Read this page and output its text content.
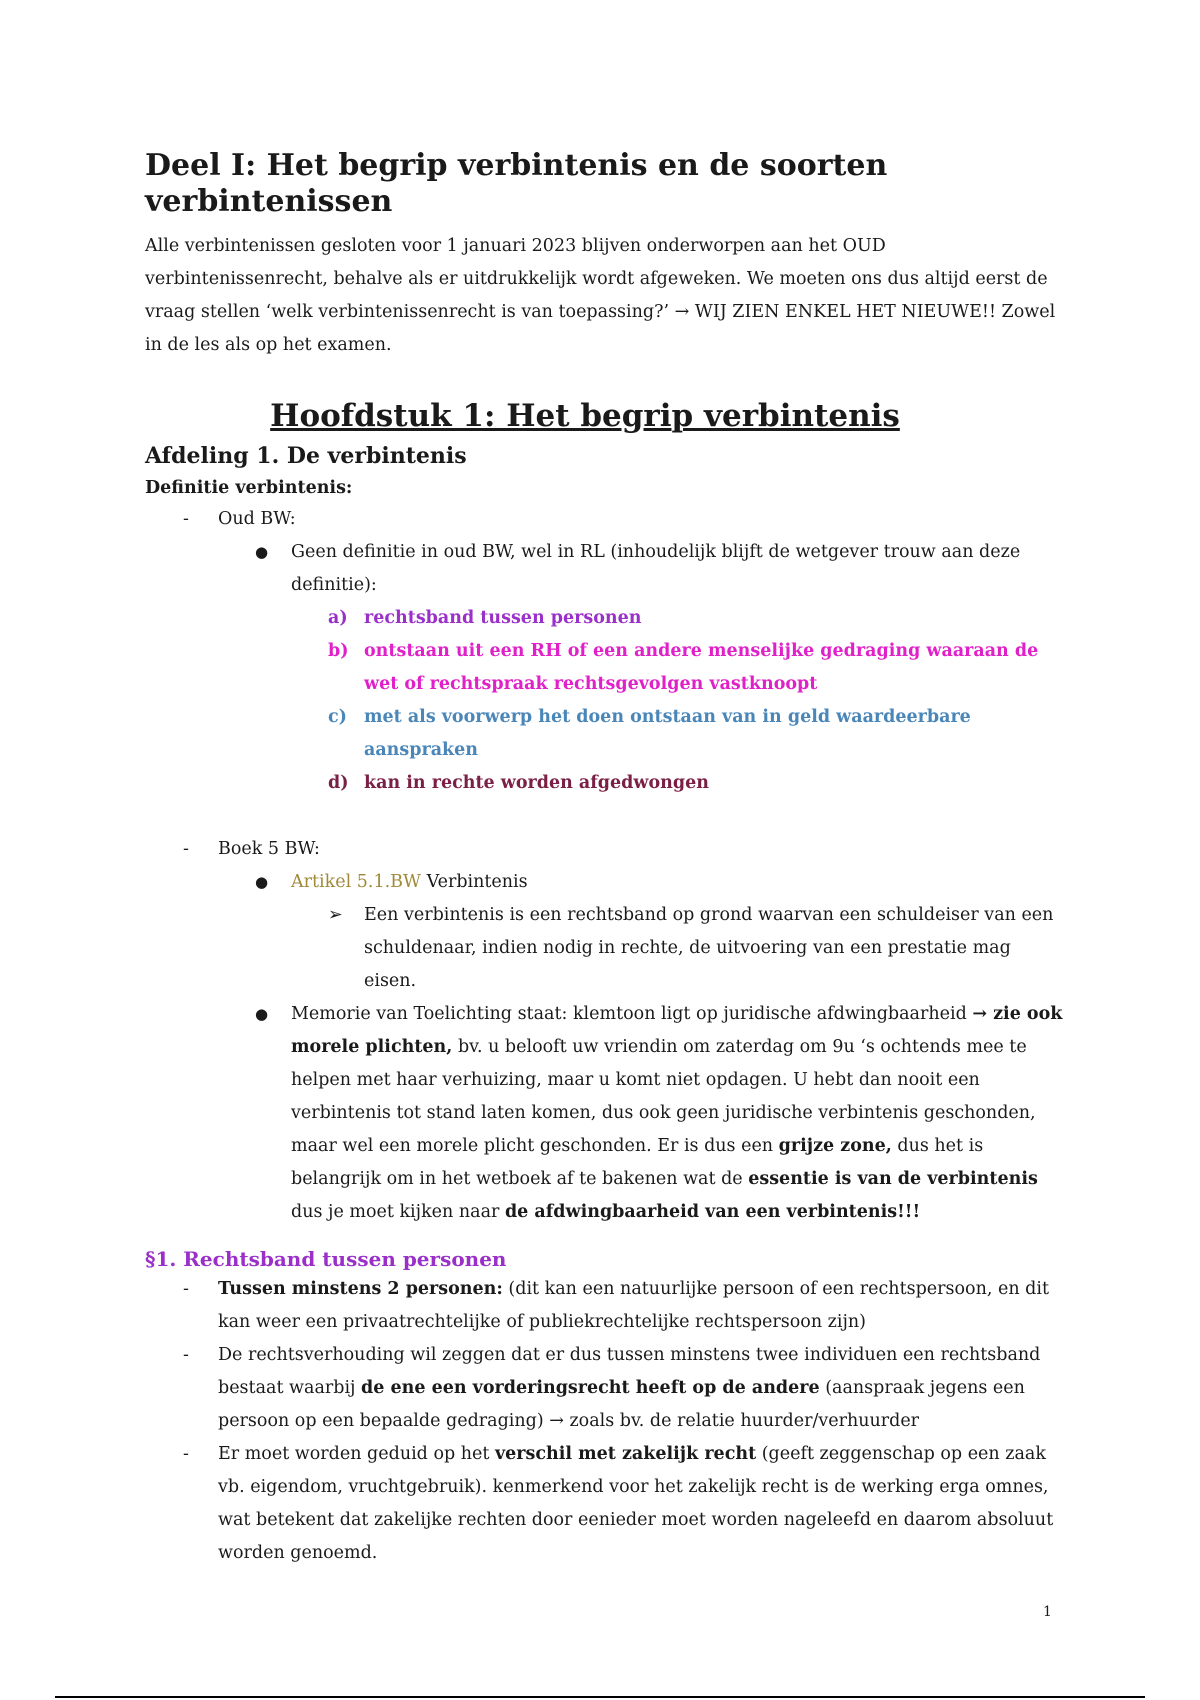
Deel I: Het begrip verbintenis en de soorten verbintenissen

Alle verbintenissen gesloten voor 1 januari 2023 blijven onderworpen aan het OUD verbintenissenrecht, behalve als er uitdrukkelijk wordt afgeweken. We moeten ons dus altijd eerst de vraag stellen ‘welk verbintenissenrecht is van toepassing?’ → WIJ ZIEN ENKEL HET NIEUWE!! Zowel in de les als op het examen.

Hoofdstuk 1: Het begrip verbintenis
Afdeling 1. De verbintenis
Definitie verbintenis:
- Oud BW:
● Geen definitie in oud BW, wel in RL (inhoudelijk blijft de wetgever trouw aan deze definitie):
a) rechtsband tussen personen
b) ontstaan uit een RH of een andere menselijke gedraging waaraan de wet of rechtspraak rechtsgevolgen vastknoopt
c) met als voorwerp het doen ontstaan van in geld waardeerbare aanspraken
d) kan in rechte worden afgedwongen
- Boek 5 BW:
● Artikel 5.1.BW Verbintenis
➢ Een verbintenis is een rechtsband op grond waarvan een schuldeiser van een schuldenaar, indien nodig in rechte, de uitvoering van een prestatie mag eisen.
● Memorie van Toelichting staat: klemtoon ligt op juridische afdwingbaarheid → zie ook morele plichten, bv. u belooft uw vriendin om zaterdag om 9u ‘s ochtends mee te helpen met haar verhuizing, maar u komt niet opdagen. U hebt dan nooit een verbintenis tot stand laten komen, dus ook geen juridische verbintenis geschonden, maar wel een morele plicht geschonden. Er is dus een grijze zone, dus het is belangrijk om in het wetboek af te bakenen wat de essentie is van de verbintenis dus je moet kijken naar de afdwingbaarheid van een verbintenis!!!
§1. Rechtsband tussen personen
- Tussen minstens 2 personen: (dit kan een natuurlijke persoon of een rechtspersoon, en dit kan weer een privaatrechtelijke of publiekrechtelijke rechtspersoon zijn)
- De rechtsverhouding wil zeggen dat er dus tussen minstens twee individuen een rechtsband bestaat waarbij de ene een vorderingsrecht heeft op de andere (aanspraak jegens een persoon op een bepaalde gedraging) → zoals bv. de relatie huurder/verhuurder
- Er moet worden geduid op het verschil met zakelijk recht (geeft zeggenschap op een zaak vb. eigendom, vruchtgebruik). kenmerkend voor het zakelijk recht is de werking erga omnes, wat betekent dat zakelijke rechten door eenieder moet worden nageleefd en daarom absoluut worden genoemd.
1
